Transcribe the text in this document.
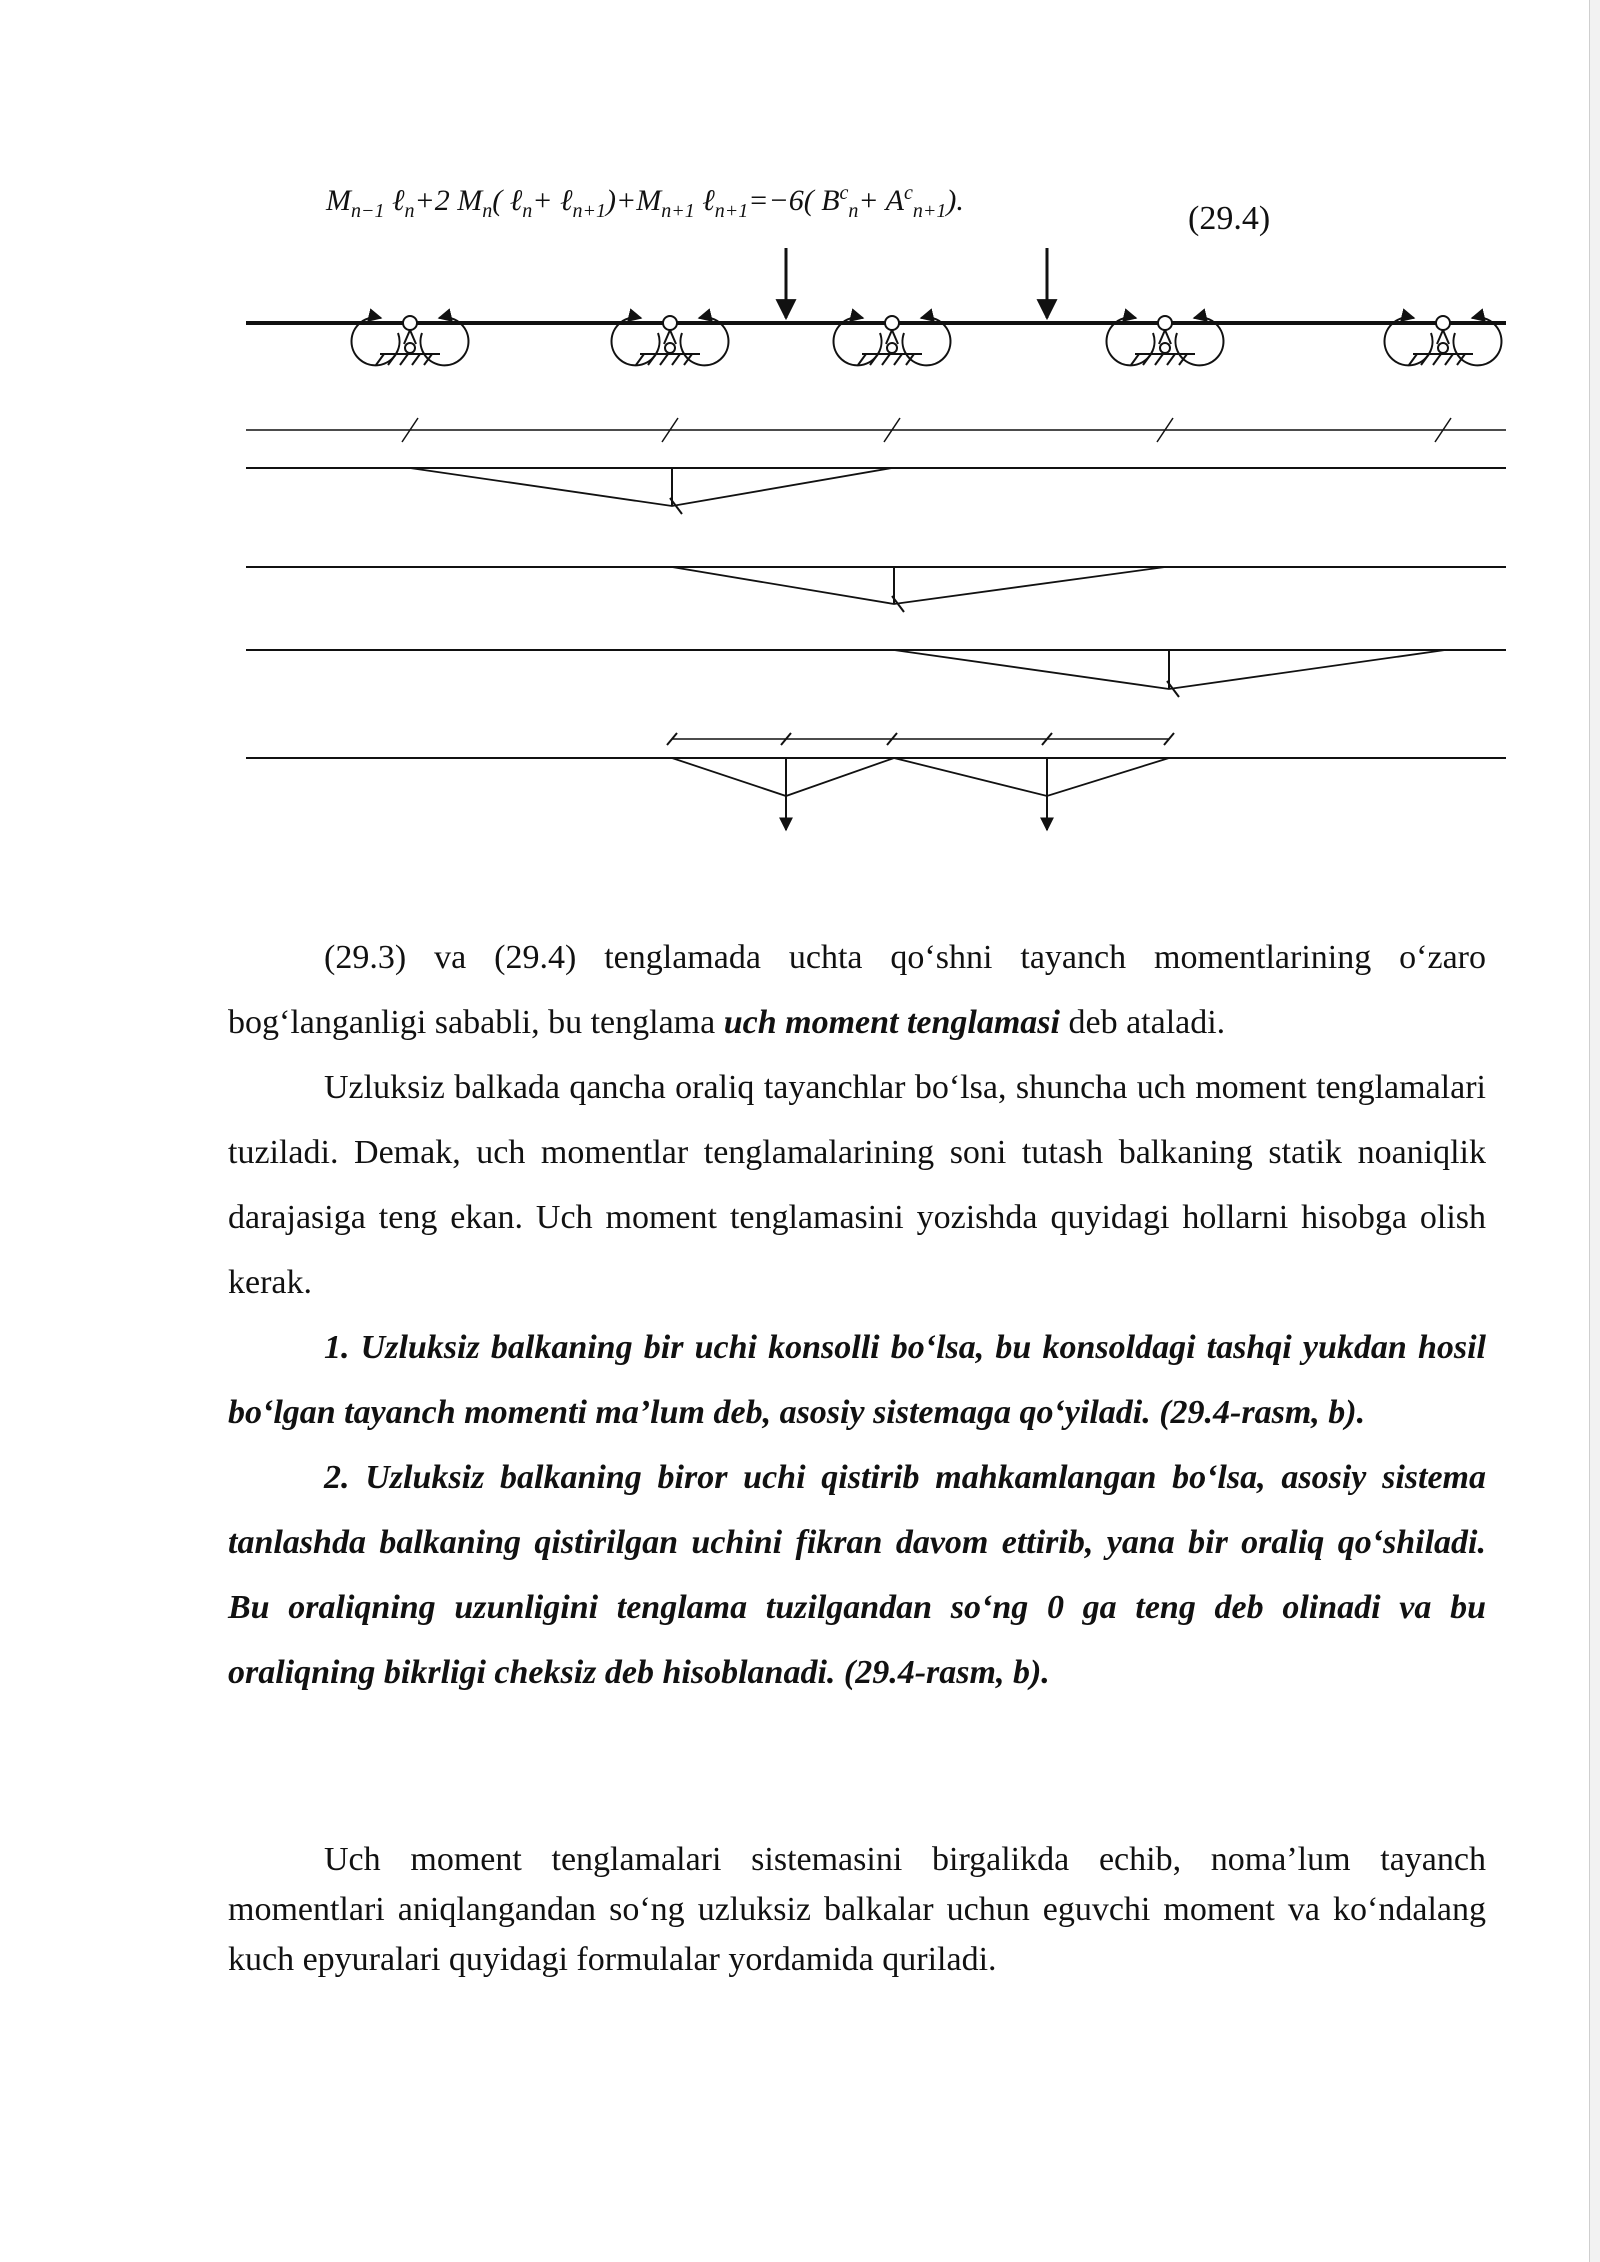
$M_{n-1}$ ℓ$_n$+2 $M_n$( ℓ$_n$+ $\ell_{n+1})+M_{n+1}$ ℓ$_{n+1}$=−6( $B^c_n+ A^c_{n+1}$).	(29.4)

(29.3) va (29.4) tenglamada uchta qo‘shni tayanch momentlarining o‘zaro bog‘langanligi sababli, bu tenglama uch moment tenglamasi deb ataladi.

Uzluksiz balkada qancha oraliq tayanchlar bo‘lsa, shuncha uch moment tenglamalari tuziladi. Demak, uch momentlar tenglamalarining soni tutash balkaning statik noaniqlik darajasiga teng ekan. Uch moment tenglamasini yozishda quyidagi hollarni hisobga olish kerak.

1. Uzluksiz balkaning bir uchi konsolli bo‘lsa, bu konsoldagi tashqi yukdan hosil bo‘lgan tayanch momenti ma’lum deb, asosiy sistemaga qo‘yiladi. (29.4-rasm, b).

2. Uzluksiz balkaning biror uchi qistirib mahkamlangan bo‘lsa, asosiy sistema tanlashda balkaning qistirilgan uchini fikran davom ettirib, yana bir oraliq qo‘shiladi. Bu oraliqning uzunligini tenglama tuzilgandan so‘ng 0 ga teng deb olinadi va bu oraliqning bikrligi cheksiz deb hisoblanadi. (29.4-rasm, b).

Uch moment tenglamalari sistemasini birgalikda echib, noma’lum tayanch momentlari aniqlangandan so‘ng uzluksiz balkalar uchun eguvchi moment va ko‘ndalang kuch epyuralari quyidagi formulalar yordamida quriladi.
